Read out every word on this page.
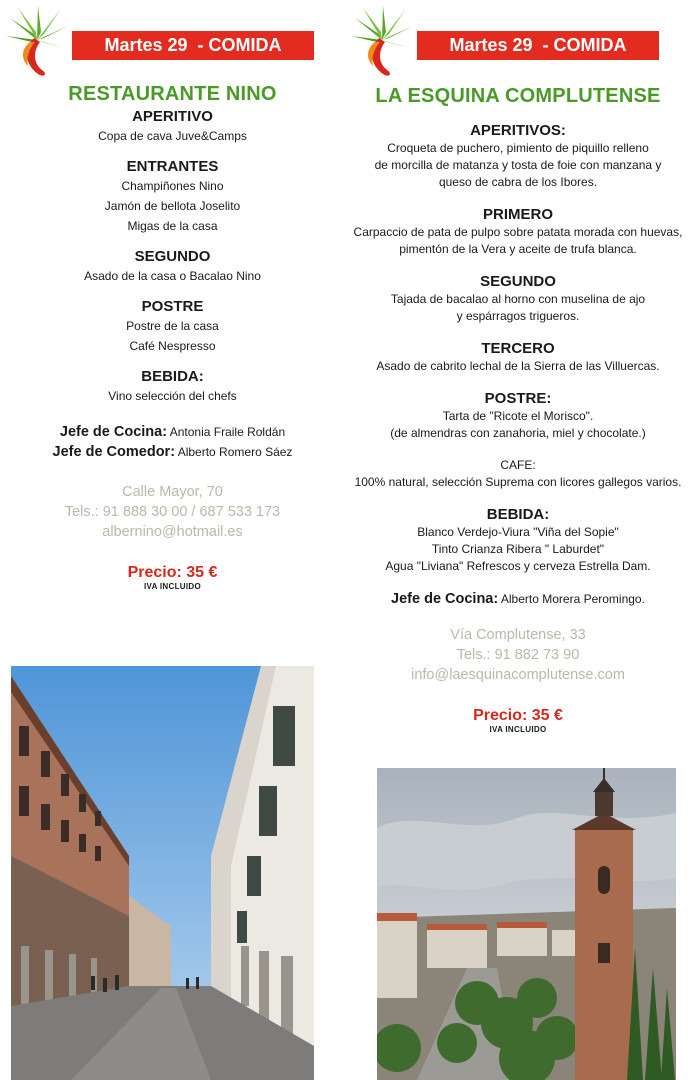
Martes 29  - COMIDA
RESTAURANTE NINO
APERITIVO
Copa de cava Juve&Camps
ENTRANTES
Champiñones Nino
Jamón de bellota Joselito
Migas de la casa
SEGUNDO
Asado de la casa o Bacalao Nino
POSTRE
Postre de la casa
Café Nespresso
BEBIDA:
Vino selección del chefs
Jefe de Cocina: Antonia Fraile Roldán
Jefe de Comedor: Alberto Romero Sáez
Calle Mayor, 70
Tels.: 91 888 30 00 / 687 533 173
albernino@hotmail.es
Precio: 35 €
IVA INCLUIDO
Martes 29  - COMIDA
LA ESQUINA COMPLUTENSE
APERITIVOS:
Croqueta de puchero, pimiento de piquillo relleno
de morcilla de matanza y tosta de foie con manzana y
queso de cabra de los Ibores.
PRIMERO
Carpaccio de pata de pulpo sobre patata morada con huevas,
pimentón de la Vera y aceite de trufa blanca.
SEGUNDO
Tajada de bacalao al horno con muselina de ajo
y espárragos trigueros.
TERCERO
Asado de cabrito lechal de la Sierra de las Villuercas.
POSTRE:
Tarta de "Ricote el Morisco".
(de almendras con zanahoria, miel y chocolate.)
CAFE:
100% natural, selección Suprema con licores gallegos varios.
BEBIDA:
Blanco Verdejo-Viura "Viña del Sopie"
Tinto Crianza Ribera " Laburdet"
Agua "Liviana" Refrescos y cerveza Estrella Dam.
Jefe de Cocina: Alberto Morera Peromingo.
Vía Complutense, 33
Tels.: 91 882 73 90
info@laesquinacomplutense.com
Precio: 35 €
IVA INCLUIDO
